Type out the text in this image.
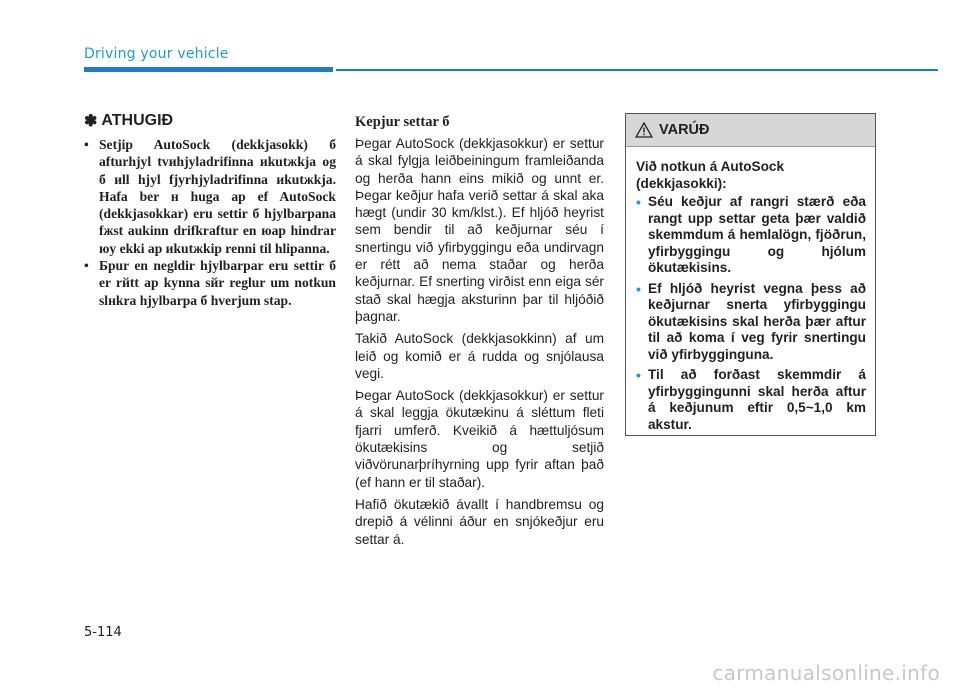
Driving your vehicle
✽ ATHUGIÐ
• Setjip AutoSock (dekkjasokk) б afturhjyl tvиhjyladrifinna иkutжkja og б иll hjyl fjyrhjyladrifinna иkutжkja. Hafa ber н huga ap ef AutoSock (dekkjasokkar) eru settir б hjylbarpana fжst aukinn drifkraftur en юap hindrar юy ekki ap иkutжkip renni til hlipanna.
• Бpur en negldir hjylbarpar eru settir б er rйtt ap kynna sйr reglur um notkun slнkra hjylbarpa б hverjum stap.
Kepjur settar б

Þegar AutoSock (dekkjasokkur) er settur á skal fylgja leiðbeiningum framleiðanda og herða hann eins mikið og unnt er. Þegar keðjur hafa verið settar á skal aka hægt (undir 30 km/klst.). Ef hljóð heyrist sem bendir til að keðjurnar séu í snertingu við yfirbyggingu eða undirvagn er rétt að nema staðar og herða keðjurnar. Ef snerting virðist enn eiga sér stað skal hægja aksturinn þar til hljóðið þagnar.

Takið AutoSock (dekkjasokkinn) af um leið og komið er á rudda og snjólausa vegi.

Þegar AutoSock (dekkjasokkur) er settur á skal leggja ökutækinu á sléttum fleti fjarri umferð. Kveikið á hættuljósum ökutækisins og setjið viðvörunarþríhyrning upp fyrir aftan það (ef hann er til staðar).

Hafið ökutækið ávallt í handbremsu og drepið á vélinni áður en snjókeðjur eru settar á.

VARÚÐ

Við notkun á AutoSock (dekkjasokki):

• Séu keðjur af rangri stærð eða rangt upp settar geta þær valdið skemmdum á hemlalögn, fjöðrun, yfirbyggingu og hjólum ökutækisins.
• Ef hljóð heyrist vegna þess að keðjurnar snerta yfirbyggingu ökutækisins skal herða þær aftur til að koma í veg fyrir snertingu við yfirbygginguna.
• Til að forðast skemmdir á yfirbyggingunni skal herða aftur á keðjunum eftir 0,5~1,0 km akstur.
5-114
carmanualsonline.info
